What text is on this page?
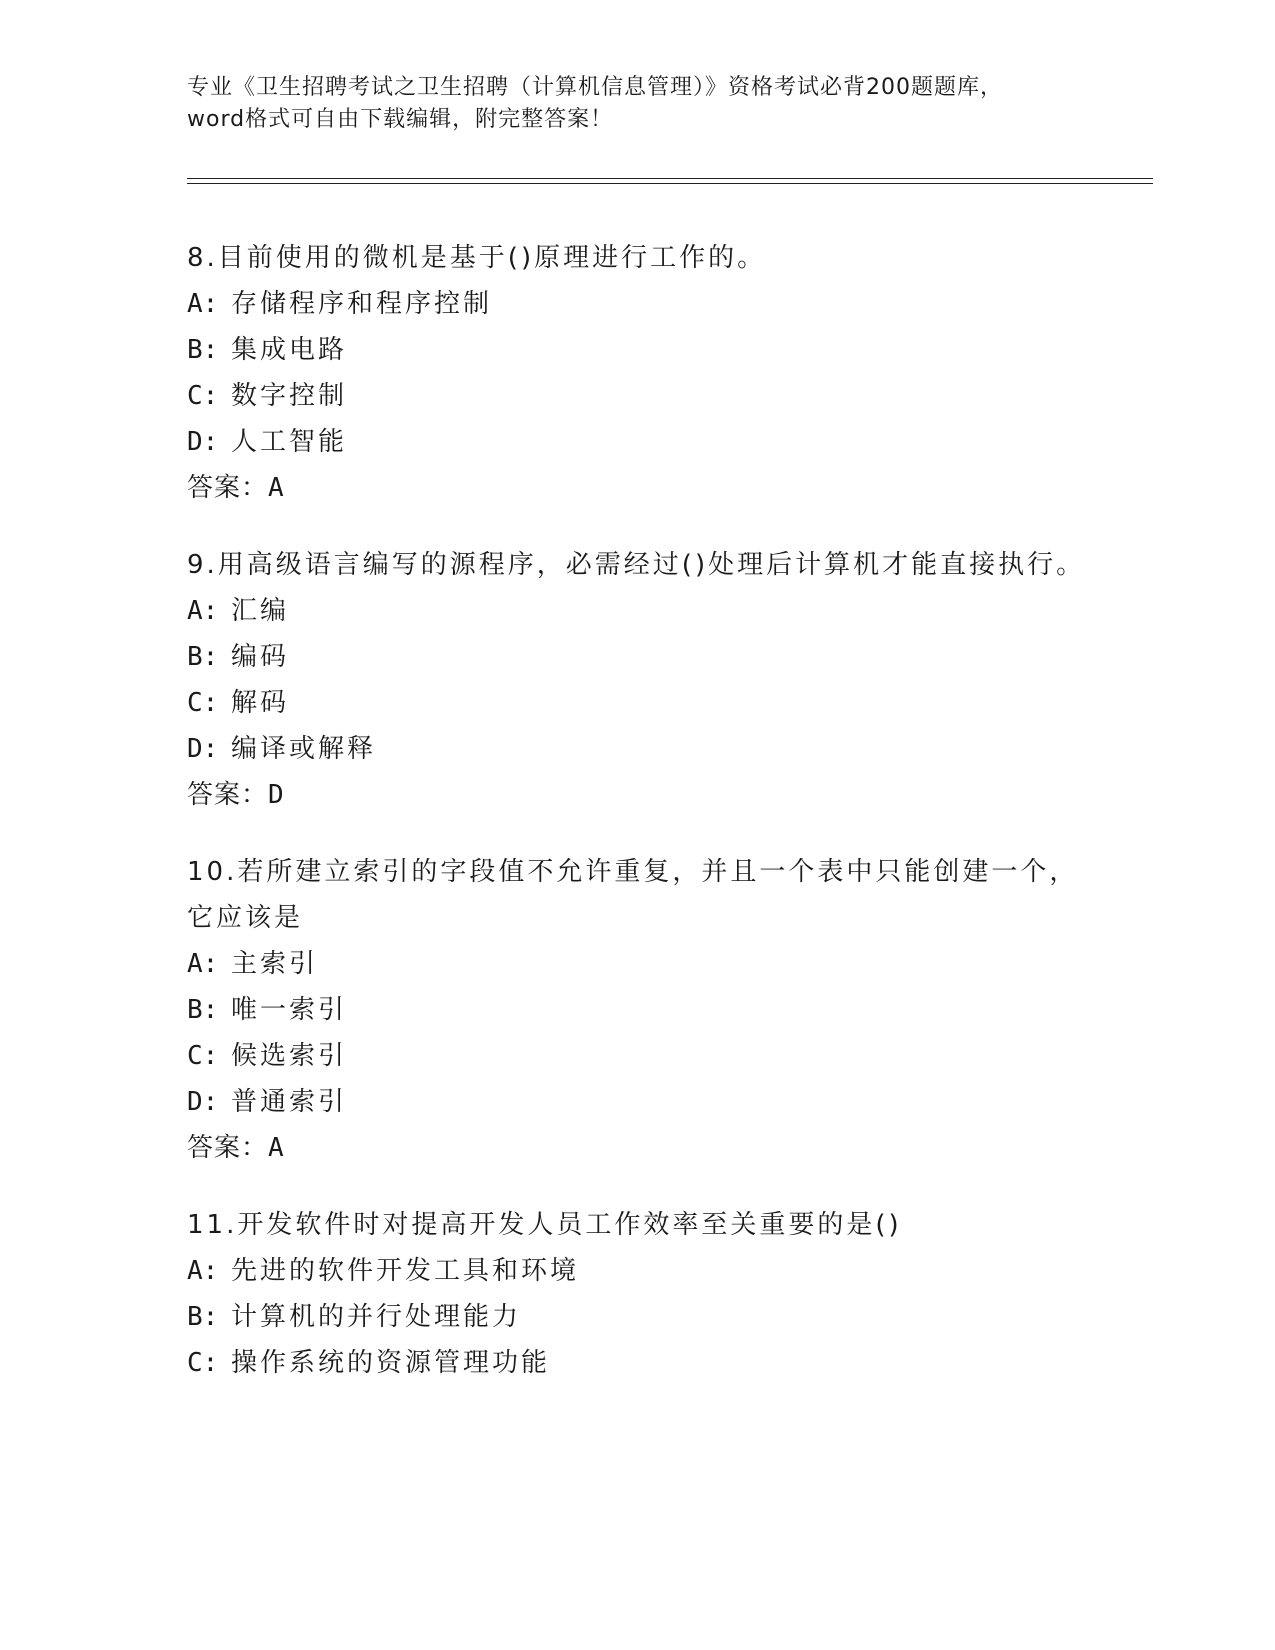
专业《卫生招聘考试之卫生招聘（计算机信息管理）》资格考试必背200题题库，
word格式可自由下载编辑，附完整答案！
8.目前使用的微机是基于()原理进行工作的。
A: 存储程序和程序控制
B: 集成电路
C: 数字控制
D: 人工智能
答案：A
9.用高级语言编写的源程序，必需经过()处理后计算机才能直接执行。
A: 汇编
B: 编码
C: 解码
D: 编译或解释
答案：D
10.若所建立索引的字段值不允许重复，并且一个表中只能创建一个，它应该是
A: 主索引
B: 唯一索引
C: 候选索引
D: 普通索引
答案：A
11.开发软件时对提高开发人员工作效率至关重要的是()
A: 先进的软件开发工具和环境
B: 计算机的并行处理能力
C: 操作系统的资源管理功能
